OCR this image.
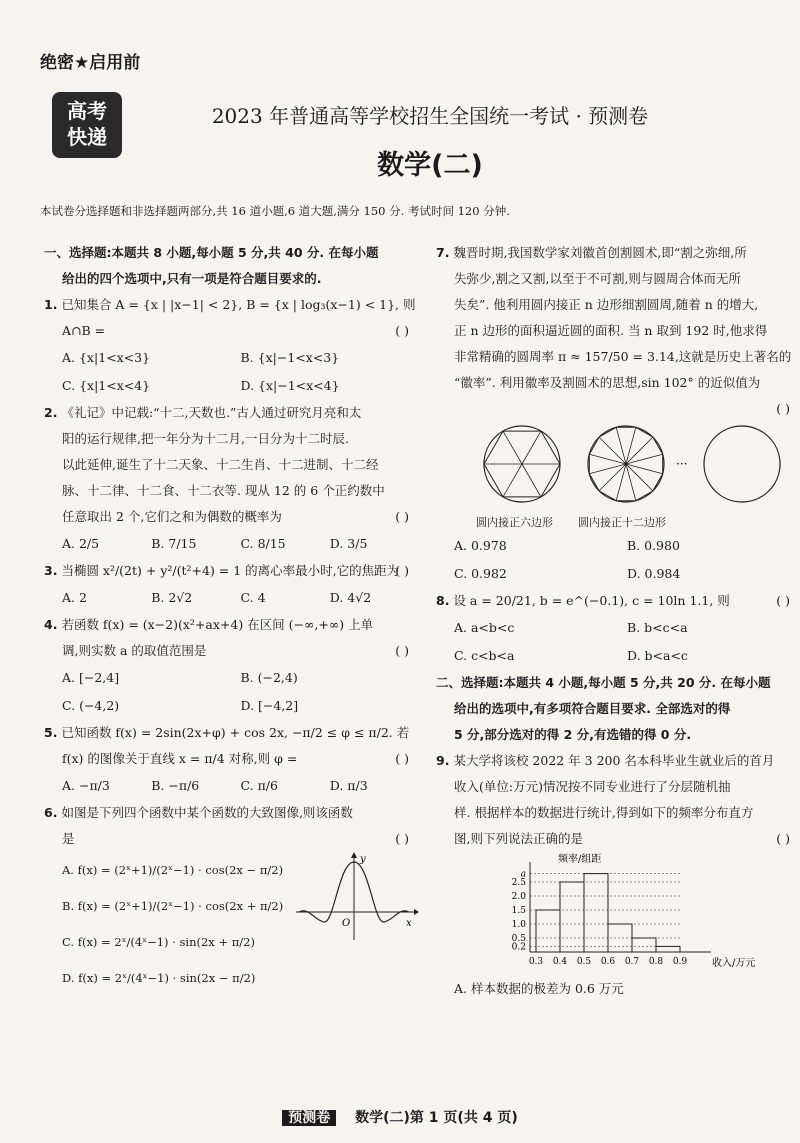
绝密★启用前
高考
快递
2023 年普通高等学校招生全国统一考试 · 预测卷
数学(二)
本试卷分选择题和非选择题两部分,共 16 道小题,6 道大题,满分 150 分. 考试时间 120 分钟.
一、选择题:本题共 8 小题,每小题 5 分,共 40 分. 在每小题
给出的四个选项中,只有一项是符合题目要求的.
1. 已知集合 A = {x | |x−1| < 2}, B = {x | log₃(x−1) < 1}, 则
A∩B =	( )
A. {x|1<x<3}	B. {x|−1<x<3}
C. {x|1<x<4}	D. {x|−1<x<4}
2. 《礼记》中记载:“十二,天数也.”古人通过研究月亮和太
阳的运行规律,把一年分为十二月,一日分为十二时辰.
以此延伸,诞生了十二天象、十二生肖、十二进制、十二经
脉、十二律、十二食、十二衣等. 现从 12 的 6 个正约数中
任意取出 2 个,它们之和为偶数的概率为	( )
A. 2/5	B. 7/15	C. 8/15	D. 3/5
3. 当椭圆 x²/(2t) + y²/(t²+4) = 1 的离心率最小时,它的焦距为
( )
A. 2	B. 2√2	C. 4	D. 4√2
4. 若函数 f(x) = (x−2)(x²+ax+4) 在区间 (−∞,+∞) 上单
调,则实数 a 的取值范围是	( )
A. [−2,4]	B. (−2,4)
C. (−4,2)	D. [−4,2]
5. 已知函数 f(x) = 2sin(2x+φ) + cos 2x, −π/2 ≤ φ ≤ π/2. 若
f(x) 的图像关于直线 x = π/4 对称,则 φ =	( )
A. −π/3	B. −π/6	C. π/6	D. π/3
6. 如图是下列四个函数中某个函数的大致图像,则该函数
是	( )
A. f(x) = (2ˣ+1)/(2ˣ−1) · cos(2x − π/2)
B. f(x) = (2ˣ+1)/(2ˣ−1) · cos(2x + π/2)
C. f(x) = 2ˣ/(4ˣ−1) · sin(2x + π/2)
D. f(x) = 2ˣ/(4ˣ−1) · sin(2x − π/2)
y
x
O
7. 魏晋时期,我国数学家刘徽首创割圆术,即“割之弥细,所
失弥少,割之又割,以至于不可割,则与圆周合体而无所
失矣”. 他利用圆内接正 n 边形细割圆周,随着 n 的增大,
正 n 边形的面积逼近圆的面积. 当 n 取到 192 时,他求得
非常精确的圆周率 π ≈ 157/50 = 3.14,这就是历史上著名的
“徽率”. 利用徽率及割圆术的思想,sin 102° 的近似值为
( )
···
圆内接正六边形 圆内接正十二边形
A. 0.978	B. 0.980
C. 0.982	D. 0.984
8. 设 a = 20/21, b = e^(−0.1), c = 10ln 1.1, 则	( )
A. a<b<c	B. b<c<a
C. c<b<a	D. b<a<c
二、选择题:本题共 4 小题,每小题 5 分,共 20 分. 在每小题
给出的选项中,有多项符合题目要求. 全部选对的得
5 分,部分选对的得 2 分,有选错的得 0 分.
9. 某大学将该校 2022 年 3 200 名本科毕业生就业后的首月
收入(单位:万元)情况按不同专业进行了分层随机抽
样. 根据样本的数据进行统计,得到如下的频率分布直方
图,则下列说法正确的是	( )
0.2
0.5
1.0
1.5
2.0
2.5
a
0.3 0.4 0.5 0.6 0.7 0.8 0.9
频率/组距
收入/万元
A. 样本数据的极差为 0.6 万元
预测卷 数学(二)第 1 页(共 4 页)
